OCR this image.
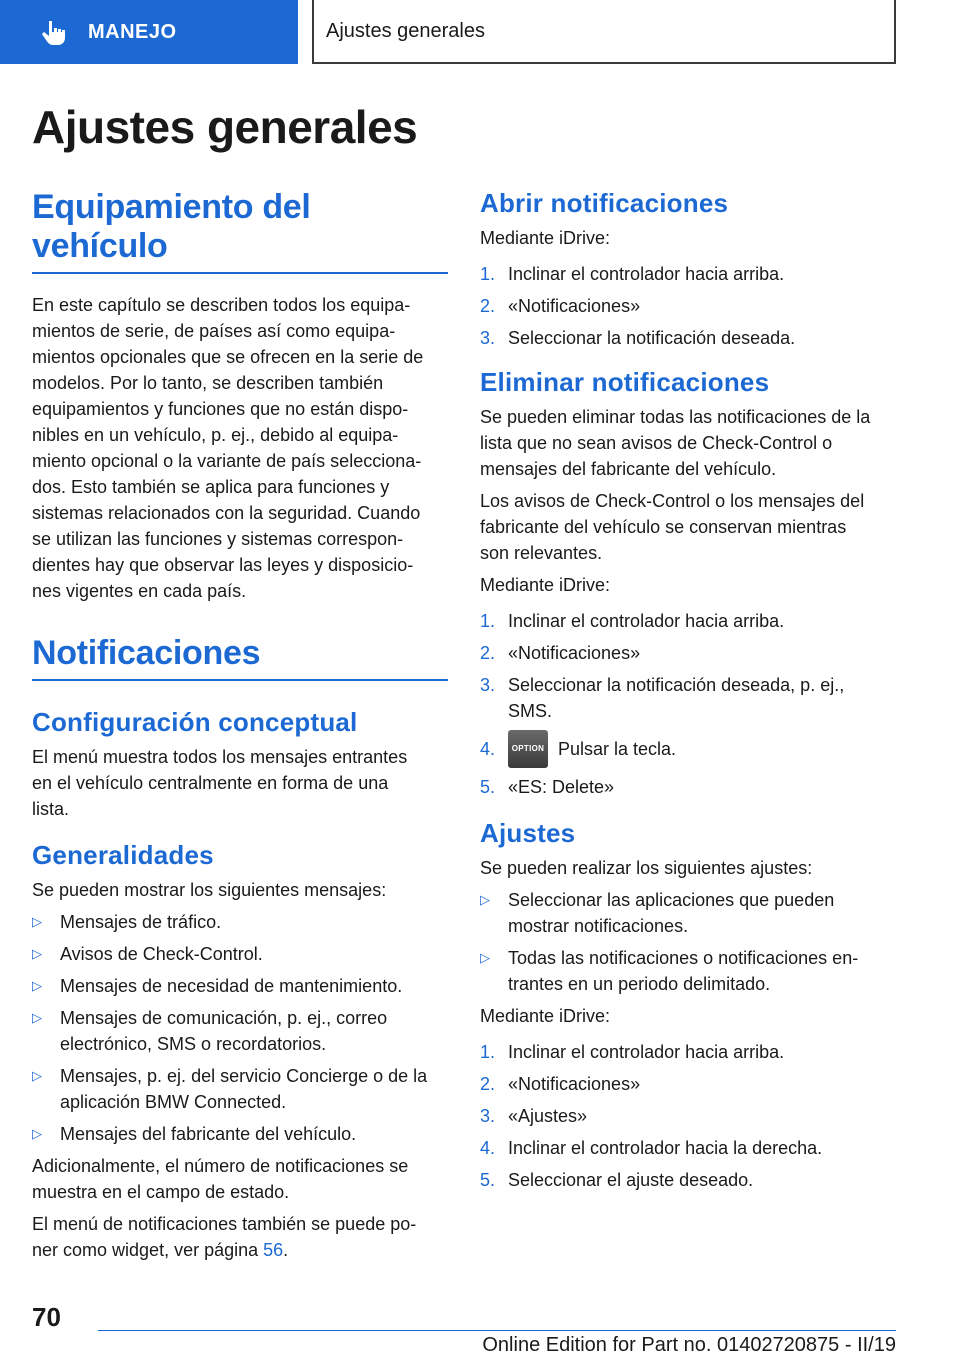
MANEJO	Ajustes generales
Ajustes generales
Equipamiento del vehículo

En este capítulo se describen todos los equipa-
mientos de serie, de países así como equipa-
mientos opcionales que se ofrecen en la serie de
modelos. Por lo tanto, se describen también
equipamientos y funciones que no están dispo-
nibles en un vehículo, p. ej., debido al equipa-
miento opcional o la variante de país selecciona-
dos. Esto también se aplica para funciones y
sistemas relacionados con la seguridad. Cuando
se utilizan las funciones y sistemas correspon-
dientes hay que observar las leyes y disposicio-
nes vigentes en cada país.

Notificaciones
Configuración conceptual

El menú muestra todos los mensajes entrantes
en el vehículo centralmente en forma de una
lista.

Generalidades

Se pueden mostrar los siguientes mensajes:

▷	Mensajes de tráfico.
▷	Avisos de Check-Control.
▷	Mensajes de necesidad de mantenimiento.
▷	Mensajes de comunicación, p. ej., correo
electrónico, SMS o recordatorios.
▷	Mensajes, p. ej. del servicio Concierge o de la
aplicación BMW Connected.
▷	Mensajes del fabricante del vehículo.

Adicionalmente, el número de notificaciones se
muestra en el campo de estado.

El menú de notificaciones también se puede po-
ner como widget, ver página 56.

Abrir notificaciones

Mediante iDrive:

1. Inclinar el controlador hacia arriba.
2. «Notificaciones»
3. Seleccionar la notificación deseada.
Eliminar notificaciones

Se pueden eliminar todas las notificaciones de la
lista que no sean avisos de Check-Control o
mensajes del fabricante del vehículo.

Los avisos de Check-Control o los mensajes del
fabricante del vehículo se conservan mientras
son relevantes.

Mediante iDrive:

1. Inclinar el controlador hacia arriba.
2. «Notificaciones»
3. Seleccionar la notificación deseada, p. ej.,
SMS.
4.	OPTION Pulsar la tecla.
5. «ES: Delete»
Ajustes

Se pueden realizar los siguientes ajustes:

▷	Seleccionar las aplicaciones que pueden
mostrar notificaciones.
▷	Todas las notificaciones o notificaciones en-
trantes en un periodo delimitado.

Mediante iDrive:

1. Inclinar el controlador hacia arriba.
2. «Notificaciones»
3. «Ajustes»
4. Inclinar el controlador hacia la derecha.
5. Seleccionar el ajuste deseado.
70
Online Edition for Part no. 01402720875 - II/19
